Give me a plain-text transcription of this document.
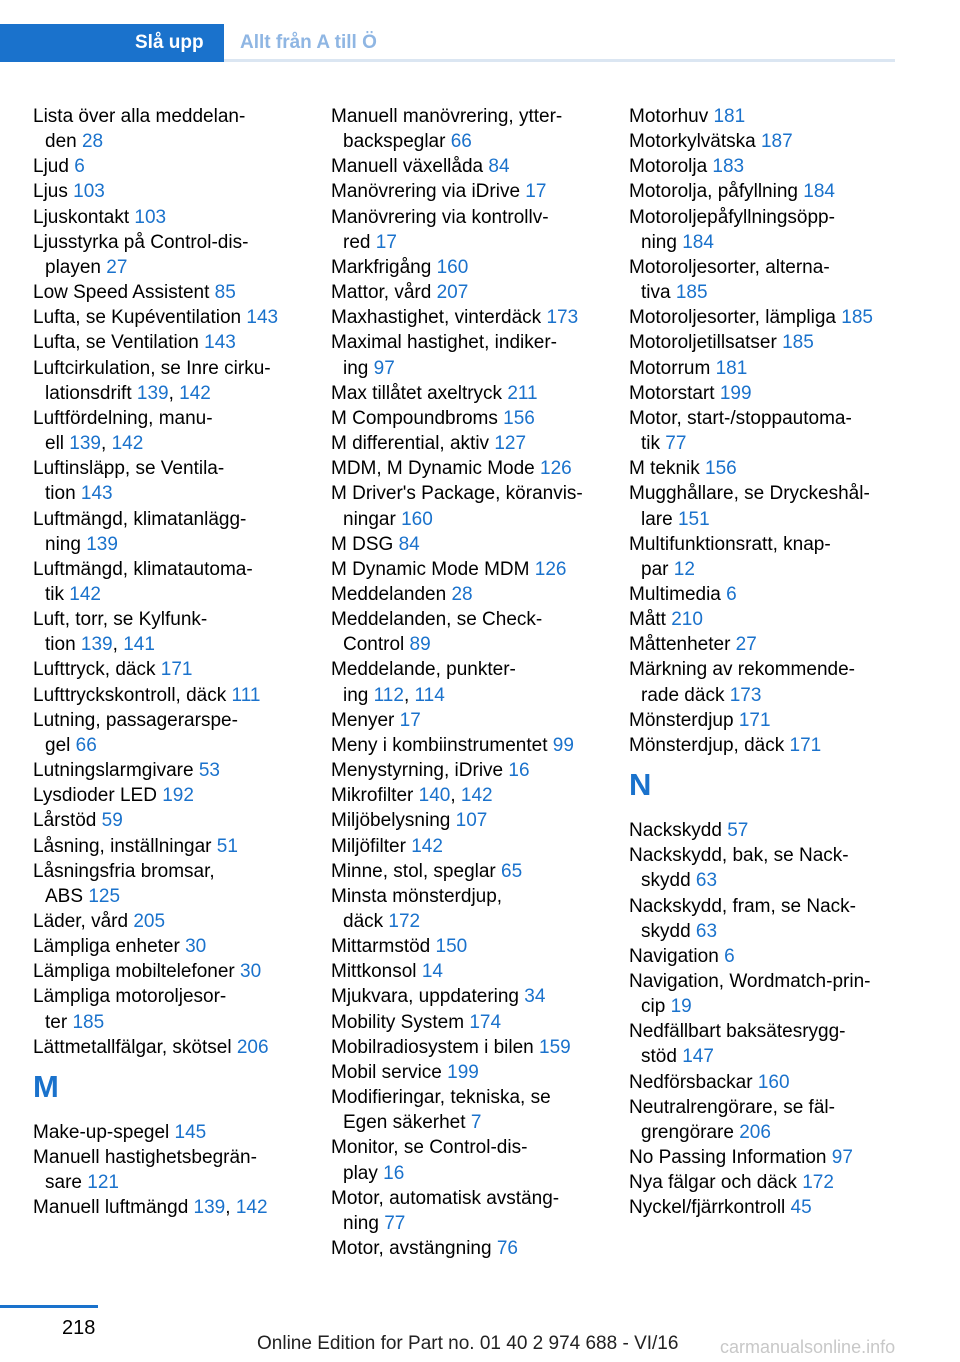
Slå upp	Allt från A till Ö
Lista över alla meddelan-
den 28
Ljud 6
Ljus 103
Ljuskontakt 103
Ljusstyrka på Control-dis-
playen 27
Low Speed Assistent 85
Lufta, se Kupéventilation 143
Lufta, se Ventilation 143
Luftcirkulation, se Inre cirku-
lationsdrift 139, 142
Luftfördelning, manu-
ell 139, 142
Luftinsläpp, se Ventila-
tion 143
Luftmängd, klimatanlägg-
ning 139
Luftmängd, klimatautoma-
tik 142
Luft, torr, se Kylfunk-
tion 139, 141
Lufttryck, däck 171
Lufttryckskontroll, däck 111
Lutning, passagerarspe-
gel 66
Lutningslarmgivare 53
Lysdioder LED 192
Lårstöd 59
Låsning, inställningar 51
Låsningsfria bromsar,
ABS 125
Läder, vård 205
Lämpliga enheter 30
Lämpliga mobiltelefoner 30
Lämpliga motoroljesor-
ter 185
Lättmetallfälgar, skötsel 206
M
Make-up-spegel 145
Manuell hastighetsbegrän-
sare 121
Manuell luftmängd 139, 142
Manuell manövrering, ytter-
backspeglar 66
Manuell växellåda 84
Manövrering via iDrive 17
Manövrering via kontrollv-
red 17
Markfrigång 160
Mattor, vård 207
Maxhastighet, vinterdäck 173
Maximal hastighet, indiker-
ing 97
Max tillåtet axeltryck 211
M Compoundbroms 156
M differential, aktiv 127
MDM, M Dynamic Mode 126
M Driver's Package, köranvis-
ningar 160
M DSG 84
M Dynamic Mode MDM 126
Meddelanden 28
Meddelanden, se Check-
Control 89
Meddelande, punkter-
ing 112, 114
Menyer 17
Meny i kombiinstrumentet 99
Menystyrning, iDrive 16
Mikrofilter 140, 142
Miljöbelysning 107
Miljöfilter 142
Minne, stol, speglar 65
Minsta mönsterdjup,
däck 172
Mittarmstöd 150
Mittkonsol 14
Mjukvara, uppdatering 34
Mobility System 174
Mobilradiosystem i bilen 159
Mobil service 199
Modifieringar, tekniska, se
Egen säkerhet 7
Monitor, se Control-dis-
play 16
Motor, automatisk avstäng-
ning 77
Motor, avstängning 76
Motorhuv 181
Motorkylvätska 187
Motorolja 183
Motorolja, påfyllning 184
Motoroljepåfyllningsöpp-
ning 184
Motoroljesorter, alterna-
tiva 185
Motoroljesorter, lämpliga 185
Motoroljetillsatser 185
Motorrum 181
Motorstart 199
Motor, start-/stoppautoma-
tik 77
M teknik 156
Mugghållare, se Dryckeshål-
lare 151
Multifunktionsratt, knap-
par 12
Multimedia 6
Mått 210
Måttenheter 27
Märkning av rekommende-
rade däck 173
Mönsterdjup 171
Mönsterdjup, däck 171
N
Nackskydd 57
Nackskydd, bak, se Nack-
skydd 63
Nackskydd, fram, se Nack-
skydd 63
Navigation 6
Navigation, Wordmatch-prin-
cip 19
Nedfällbart baksätesrygg-
stöd 147
Nedförsbackar 160
Neutralrengörare, se fäl-
grengörare 206
No Passing Information 97
Nya fälgar och däck 172
Nyckel/fjärrkontroll 45
218
Online Edition for Part no. 01 40 2 974 688 - VI/16 carmanualsonline.info
